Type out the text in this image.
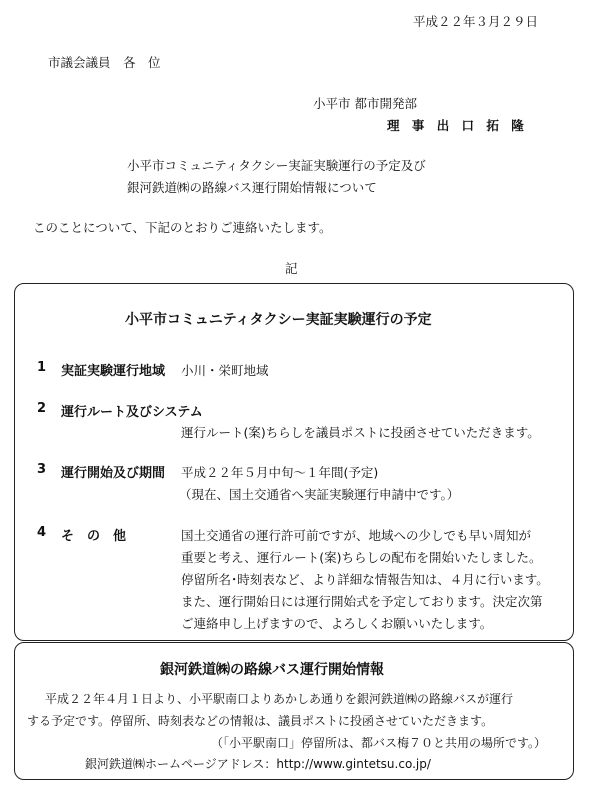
平成２２年３月２９日
市議会議員　各　位
小平市 都市開発部
理 事 出 口 拓 隆
小平市コミュニティタクシー実証実験運行の予定及び
銀河鉄道㈱の路線バス運行開始情報について
このことについて、下記のとおりご連絡いたします。
記
小平市コミュニティタクシー実証実験運行の予定
1 実証実験運行地域 小川・栄町地域
2 運行ルート及びシステム
運行ルート(案)ちらしを議員ポストに投函させていただきます。
3 運行開始及び期間 平成２２年５月中旬～１年間(予定)
（現在、国土交通省へ実証実験運行申請中です。）
4 そ　の　他	国土交通省の運行許可前ですが、地域への少しでも早い周知が
重要と考え、運行ルート(案)ちらしの配布を開始いたしました。
停留所名･時刻表など、より詳細な情報告知は、４月に行います。
また、運行開始日には運行開始式を予定しております。決定次第
ご連絡申し上げますので、よろしくお願いいたします。
銀河鉄道㈱の路線バス運行開始情報
平成２２年４月１日より、小平駅南口よりあかしあ通りを銀河鉄道㈱の路線バスが運行
する予定です。停留所、時刻表などの情報は、議員ポストに投函させていただきます。
（「小平駅南口」停留所は、都バス梅７０と共用の場所です。）
銀河鉄道㈱ホームページアドレス：http://www.gintetsu.co.jp/
